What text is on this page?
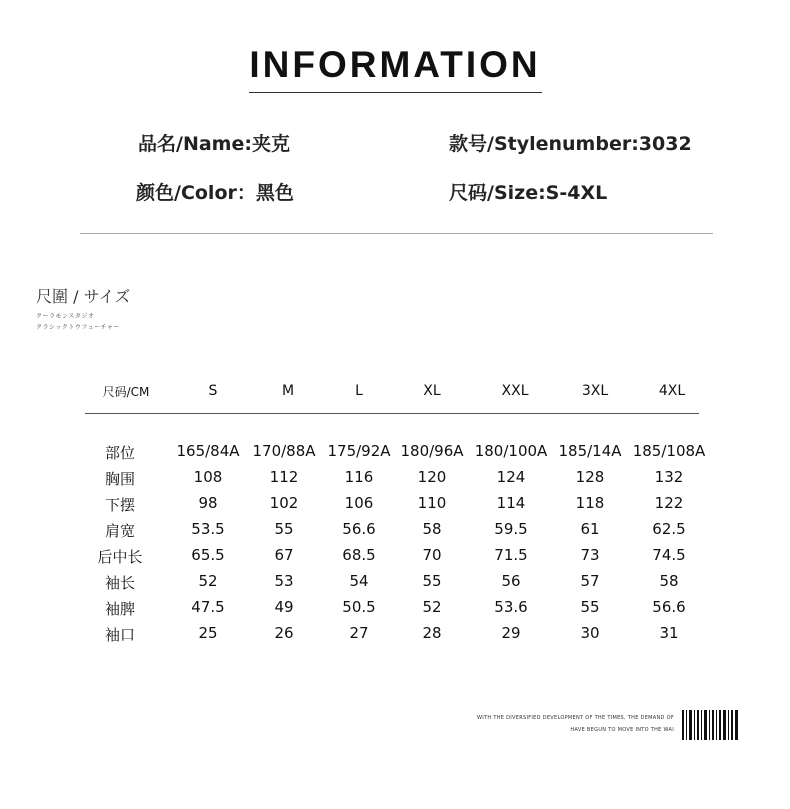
INFORMATION
品名/Name:夹克	款号/Stylenumber:3032
颜色/Color：黑色	尺码/Size:S-4XL
尺圍 / サイズ
クーラモンスタジオ
クラシックトウフューチャー
尺码/CM	S	M	L	XL	XXL	3XL	4XL
部位	165/84A 170/88A 175/92A 180/96A 180/100A 185/14A 185/108A
胸围	108	112	116	120	124	128	132
下摆	98	102	106	110	114	118	122
肩宽	53.5	55	56.6	58	59.5	61	62.5
后中长	65.5	67	68.5	70	71.5	73	74.5
袖长	52	53	54	55	56	57	58
袖脾	47.5	49	50.5	52	53.6	55	56.6
袖口	25	26	27	28	29	30	31
WITH THE DIVERSIFIED DEVELOPMENT OF THE TIMES, THE DEMAND OF
HAVE BEGUN TO MOVE INTO THE WAI
